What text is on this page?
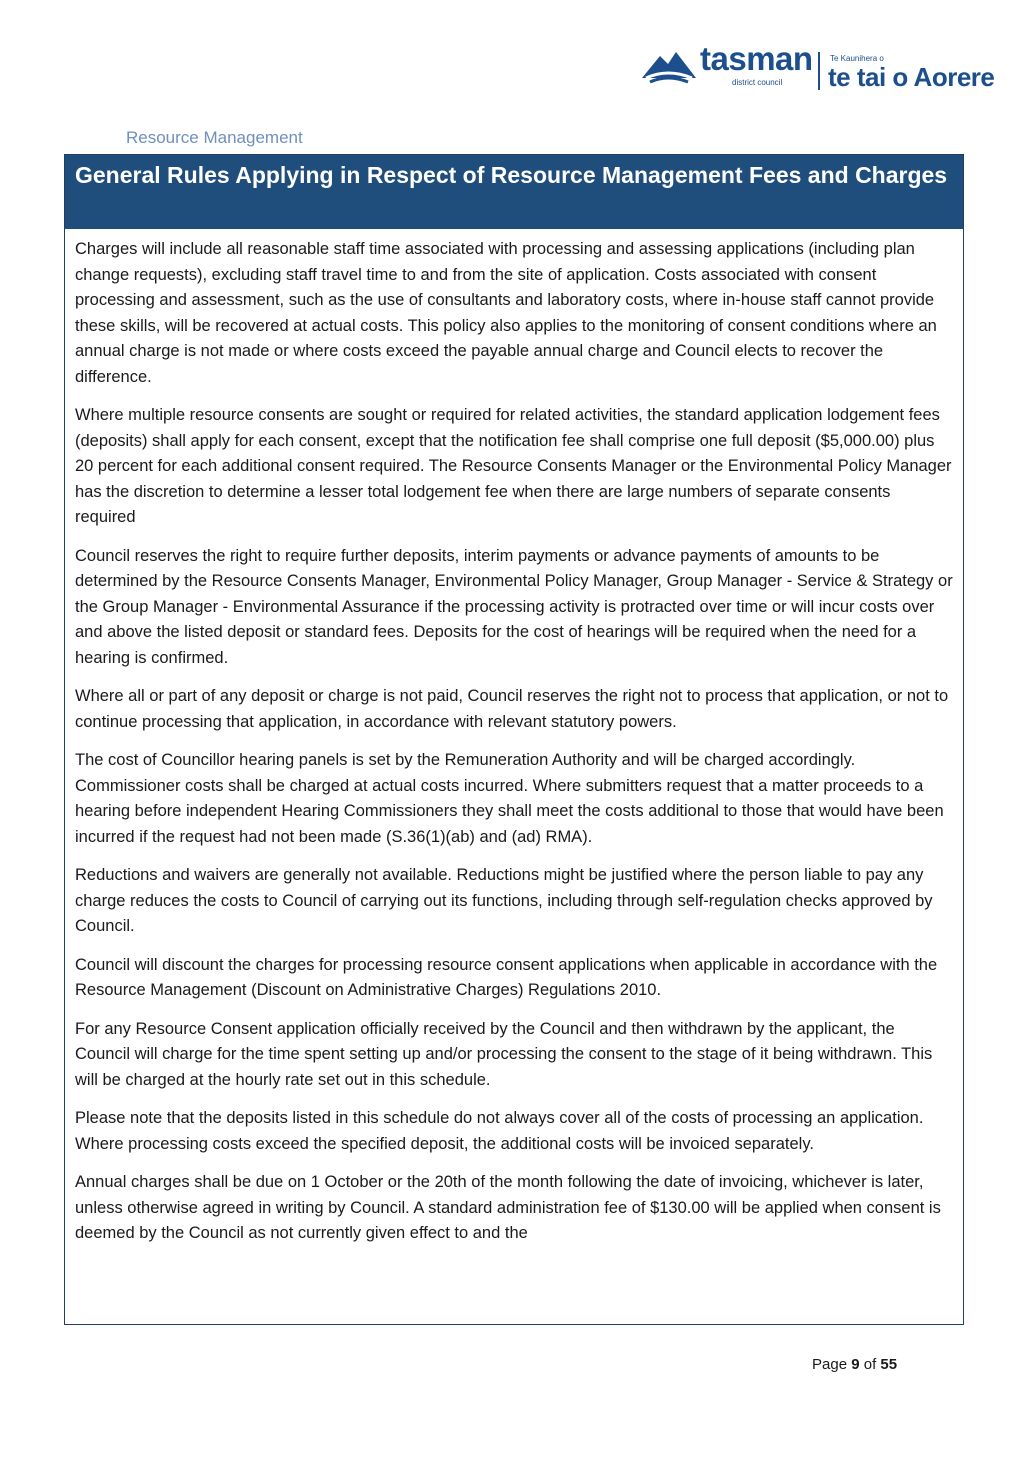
tasman
district council
Te Kaunihera o
te tai o Aorere
Resource Management
General Rules Applying in Respect of Resource Management Fees and Charges

Charges will include all reasonable staff time associated with processing and assessing applications (including plan change requests), excluding staff travel time to and from the site of application. Costs associated with consent processing and assessment, such as the use of consultants and laboratory costs, where in-house staff cannot provide these skills, will be recovered at actual costs. This policy also applies to the monitoring of consent conditions where an annual charge is not made or where costs exceed the payable annual charge and Council elects to recover the difference.

Where multiple resource consents are sought or required for related activities, the standard application lodgement fees (deposits) shall apply for each consent, except that the notification fee shall comprise one full deposit ($5,000.00) plus 20 percent for each additional consent required. The Resource Consents Manager or the Environmental Policy Manager has the discretion to determine a lesser total lodgement fee when there are large numbers of separate consents required

Council reserves the right to require further deposits, interim payments or advance payments of amounts to be determined by the Resource Consents Manager, Environmental Policy Manager, Group Manager - Service & Strategy or the Group Manager - Environmental Assurance if the processing activity is protracted over time or will incur costs over and above the listed deposit or standard fees. Deposits for the cost of hearings will be required when the need for a hearing is confirmed.

Where all or part of any deposit or charge is not paid, Council reserves the right not to process that application, or not to continue processing that application, in accordance with relevant statutory powers.

The cost of Councillor hearing panels is set by the Remuneration Authority and will be charged accordingly. Commissioner costs shall be charged at actual costs incurred. Where submitters request that a matter proceeds to a hearing before independent Hearing Commissioners they shall meet the costs additional to those that would have been incurred if the request had not been made (S.36(1)(ab) and (ad) RMA).

Reductions and waivers are generally not available. Reductions might be justified where the person liable to pay any charge reduces the costs to Council of carrying out its functions, including through self-regulation checks approved by Council.

Council will discount the charges for processing resource consent applications when applicable in accordance with the Resource Management (Discount on Administrative Charges) Regulations 2010.

For any Resource Consent application officially received by the Council and then withdrawn by the applicant, the Council will charge for the time spent setting up and/or processing the consent to the stage of it being withdrawn. This will be charged at the hourly rate set out in this schedule.

Please note that the deposits listed in this schedule do not always cover all of the costs of processing an application. Where processing costs exceed the specified deposit, the additional costs will be invoiced separately.

Annual charges shall be due on 1 October or the 20th of the month following the date of invoicing, whichever is later, unless otherwise agreed in writing by Council. A standard administration fee of $130.00 will be applied when consent is deemed by the Council as not currently given effect to and the

Page 9 of 55
